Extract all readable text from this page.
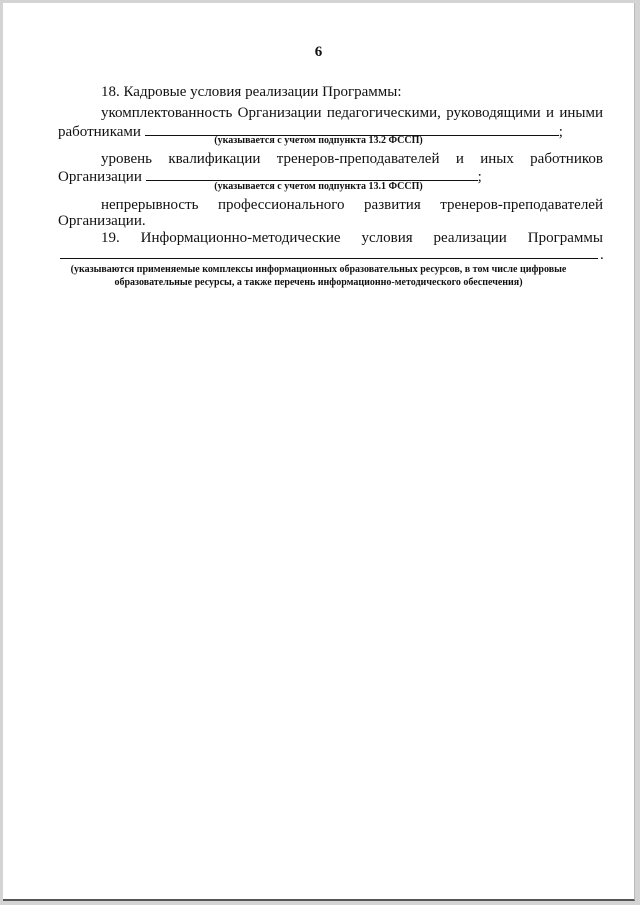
6
18. Кадровые условия реализации Программы:
укомплектованность Организации педагогическими, руководящими и иными
работниками	;
(указывается с учетом подпункта 13.2 ФССП)
уровень квалификации тренеров-преподавателей и иных работников
Организации	;
(указывается с учетом подпункта 13.1 ФССП)
непрерывность профессионального развития тренеров-преподавателей
Организации.
19. Информационно-методические условия реализации Программы
.
(указываются применяемые комплексы информационных образовательных ресурсов, в том числе цифровые
образовательные ресурсы, а также перечень информационно-методического обеспечения)
